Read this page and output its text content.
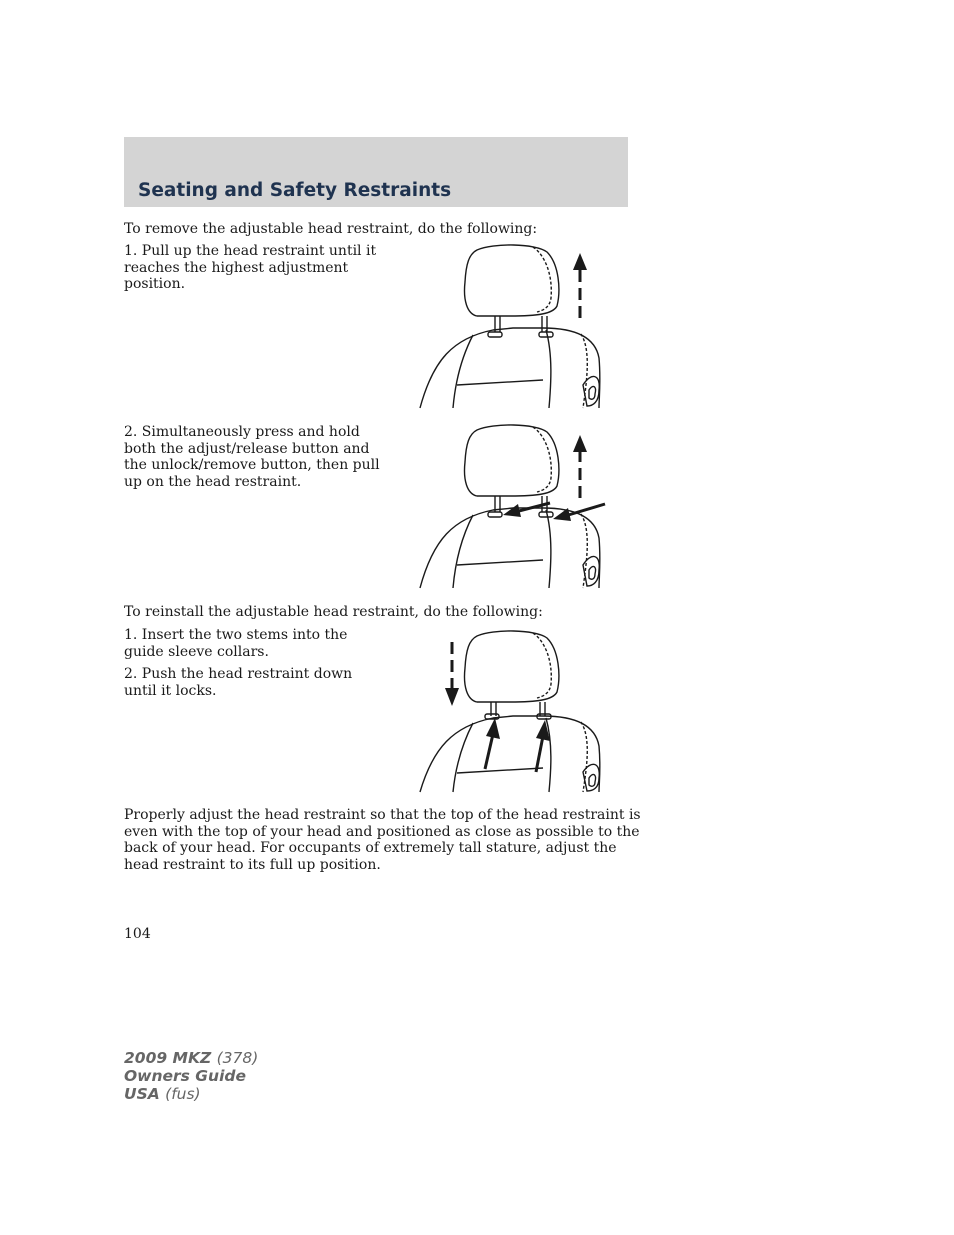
Seating and Safety Restraints

To remove the adjustable head restraint, do the following:

1. Pull up the head restraint until it
reaches the highest adjustment
position.

2. Simultaneously press and hold
both the adjust/release button and
the unlock/remove button, then pull
up on the head restraint.

To reinstall the adjustable head restraint, do the following:

1. Insert the two stems into the
guide sleeve collars.

2. Push the head restraint down
until it locks.

Properly adjust the head restraint so that the top of the head restraint is
even with the top of your head and positioned as close as possible to the
back of your head. For occupants of extremely tall stature, adjust the
head restraint to its full up position.

104

2009 MKZ (378)
Owners Guide
USA (fus)
